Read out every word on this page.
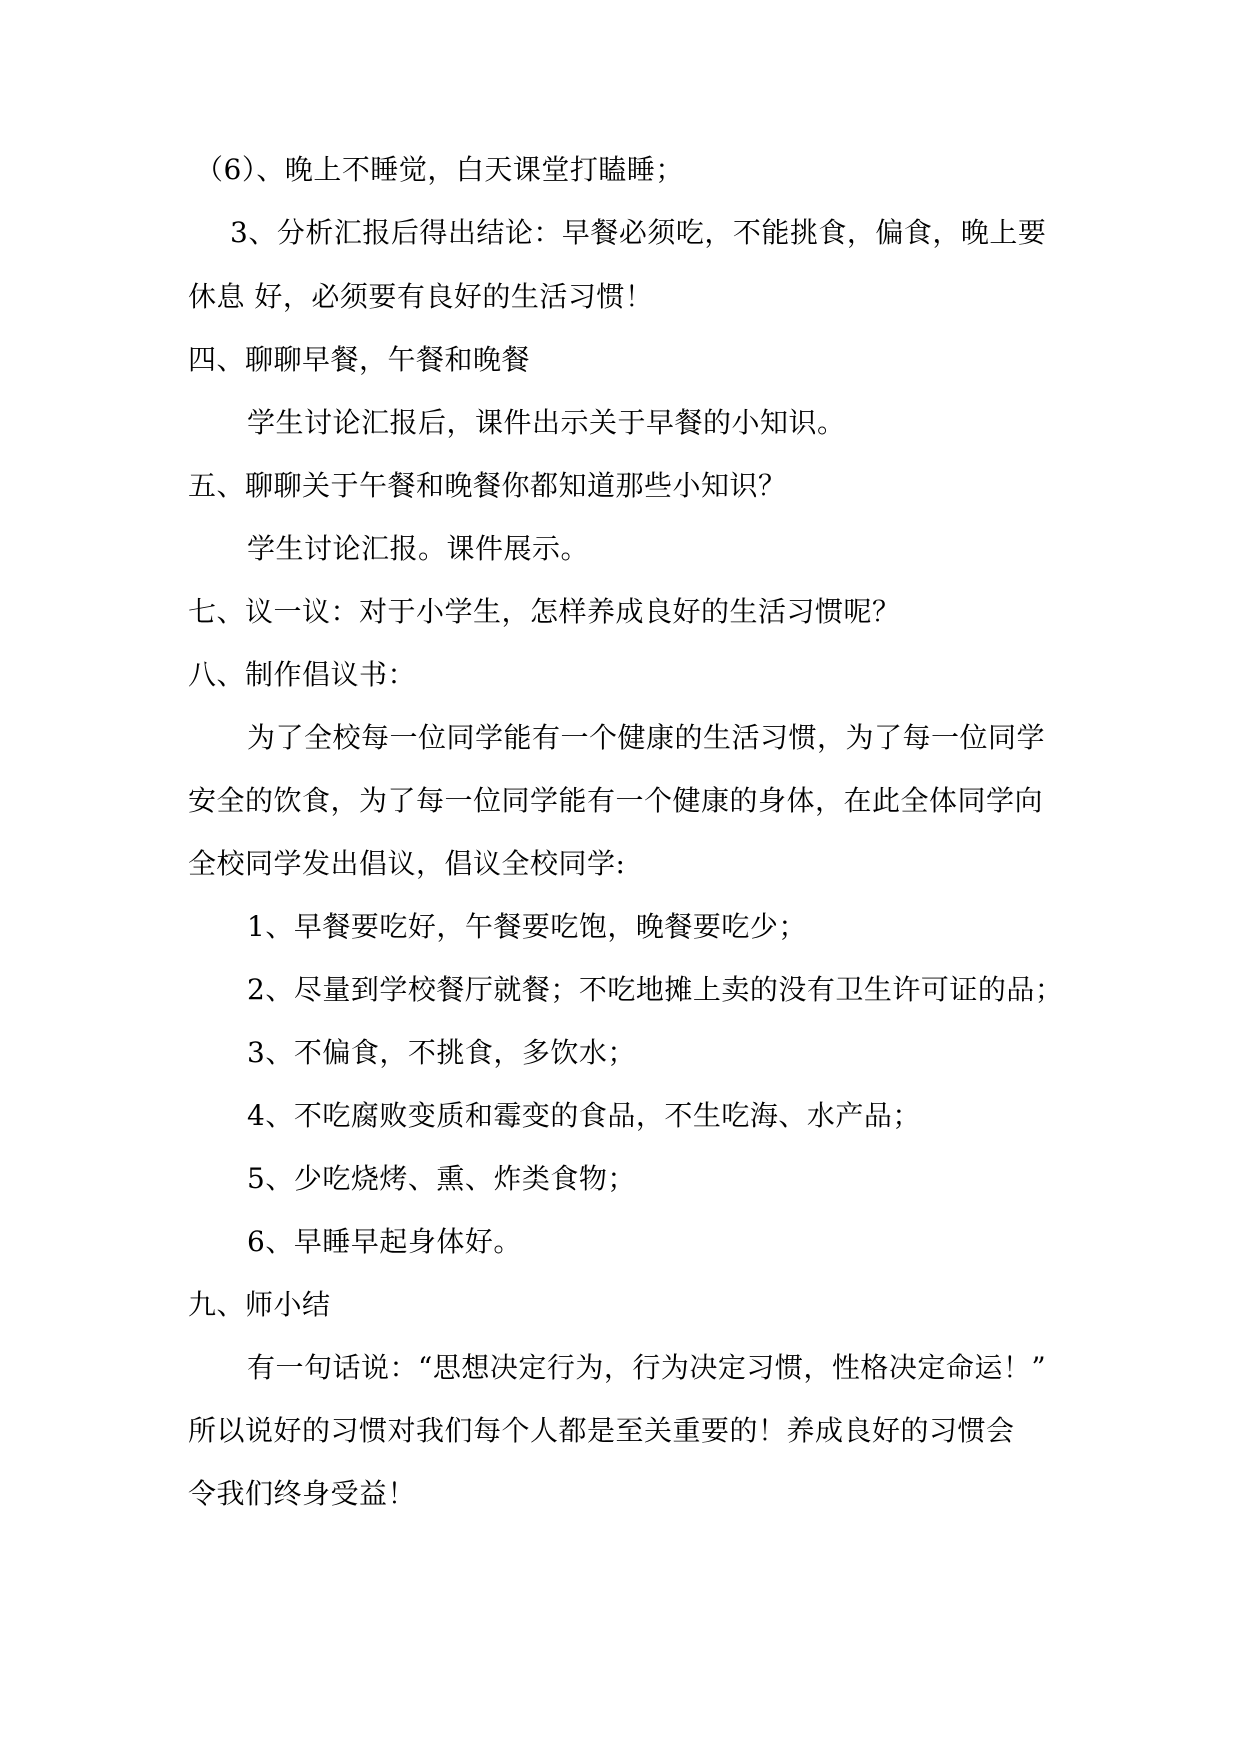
（6）、晚上不睡觉，白天课堂打瞌睡；
3、分析汇报后得出结论：早餐必须吃，不能挑食，偏食，晚上要
休息 好，必须要有良好的生活习惯！
四、聊聊早餐，午餐和晚餐
学生讨论汇报后，课件出示关于早餐的小知识。
五、聊聊关于午餐和晚餐你都知道那些小知识？
学生讨论汇报。课件展示。
七、议一议：对于小学生，怎样养成良好的生活习惯呢？
八、制作倡议书：
为了全校每一位同学能有一个健康的生活习惯，为了每一位同学
安全的饮食，为了每一位同学能有一个健康的身体，在此全体同学向
全校同学发出倡议，倡议全校同学:
1、早餐要吃好，午餐要吃饱，晚餐要吃少；
2、尽量到学校餐厅就餐；不吃地摊上卖的没有卫生许可证的品；
3、不偏食，不挑食，多饮水；
4、不吃腐败变质和霉变的食品，不生吃海、水产品；
5、少吃烧烤、熏、炸类食物；
6、早睡早起身体好。
九、师小结
有一句话说：“思想决定行为，行为决定习惯，性格决定命运！”
所以说好的习惯对我们每个人都是至关重要的！养成良好的习惯会
令我们终身受益！
